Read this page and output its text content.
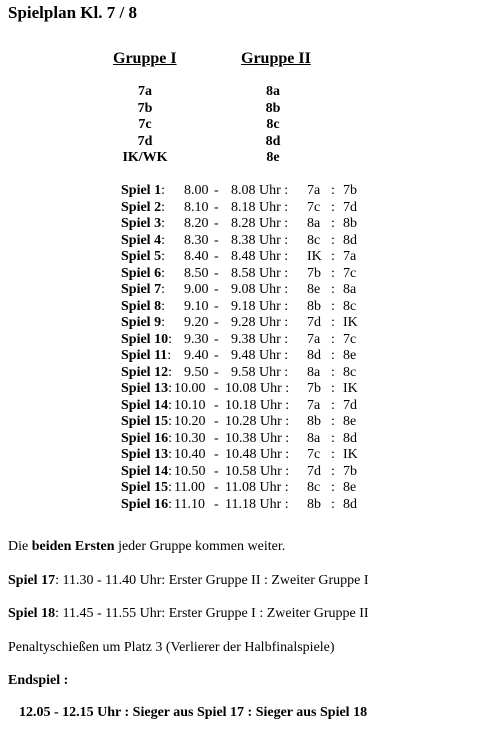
Spielplan Kl. 7 / 8
Gruppe I	Gruppe II
7a
7b
7c
7d
IK/WK
8a
8b
8c
8d
8e
Spiel 1: 8.00 - 8.08 Uhr : 7a : 7b
Spiel 2: 8.10 - 8.18 Uhr : 7c : 7d
Spiel 3: 8.20 - 8.28 Uhr : 8a : 8b
Spiel 4: 8.30 - 8.38 Uhr : 8c : 8d
Spiel 5: 8.40 - 8.48 Uhr : IK : 7a
Spiel 6: 8.50 - 8.58 Uhr : 7b : 7c
Spiel 7: 9.00 - 9.08 Uhr : 8e : 8a
Spiel 8: 9.10 - 9.18 Uhr : 8b : 8c
Spiel 9: 9.20 - 9.28 Uhr : 7d : IK
Spiel 10: 9.30 - 9.38 Uhr : 7a : 7c
Spiel 11: 9.40 - 9.48 Uhr : 8d : 8e
Spiel 12: 9.50 - 9.58 Uhr : 8a : 8c
Spiel 13: 10.00 - 10.08 Uhr : 7b : IK
Spiel 14: 10.10 - 10.18 Uhr : 7a : 7d
Spiel 15: 10.20 - 10.28 Uhr : 8b : 8e
Spiel 16: 10.30 - 10.38 Uhr : 8a : 8d
Spiel 13: 10.40 - 10.48 Uhr : 7c : IK
Spiel 14: 10.50 - 10.58 Uhr : 7d : 7b
Spiel 15: 11.00 - 11.08 Uhr : 8c : 8e
Spiel 16: 11.10 - 11.18 Uhr : 8b : 8d
Die beiden Ersten jeder Gruppe kommen weiter.
Spiel 17: 11.30 - 11.40 Uhr: Erster Gruppe II : Zweiter Gruppe I
Spiel 18: 11.45 - 11.55 Uhr: Erster Gruppe I : Zweiter Gruppe II
Penaltyschießen um Platz 3 (Verlierer der Halbfinalspiele)
Endspiel :
12.05 - 12.15 Uhr : Sieger aus Spiel 17 : Sieger aus Spiel 18
